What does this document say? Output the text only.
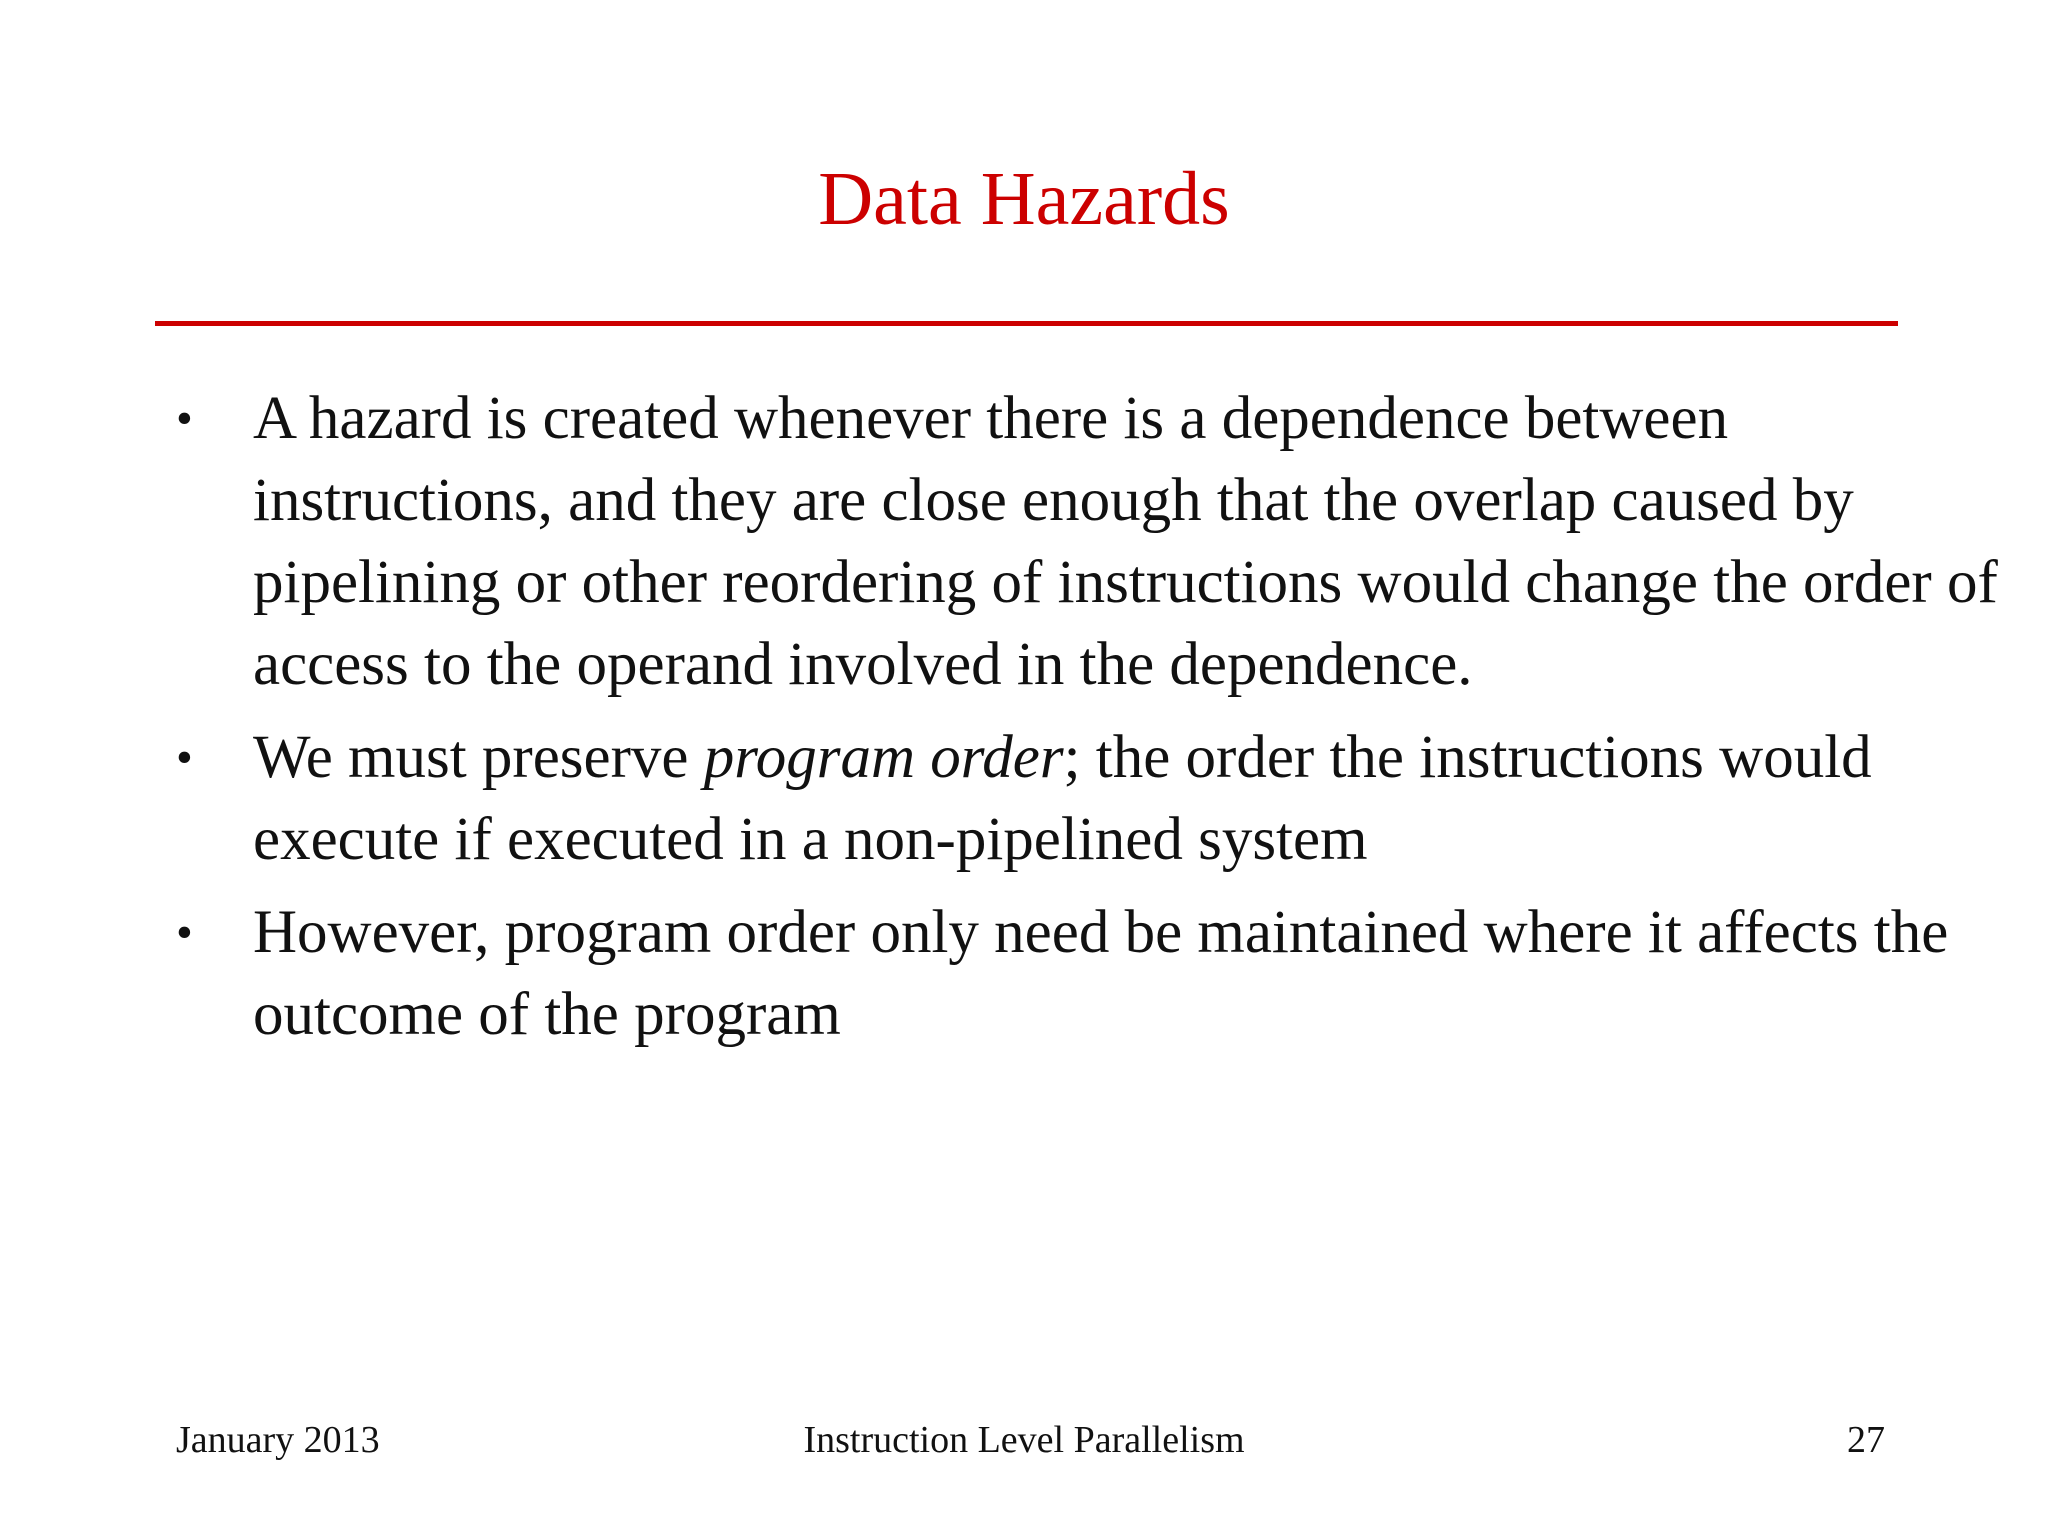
Data Hazards
• A hazard is created whenever there is a dependence between instructions, and they are close enough that the overlap caused by pipelining or other reordering of instructions would change the order of access to the operand involved in the dependence.
• We must preserve program order; the order the instructions would execute if executed in a non-pipelined system
• However, program order only need be maintained where it affects the outcome of the program
January 2013	Instruction Level Parallelism	27
